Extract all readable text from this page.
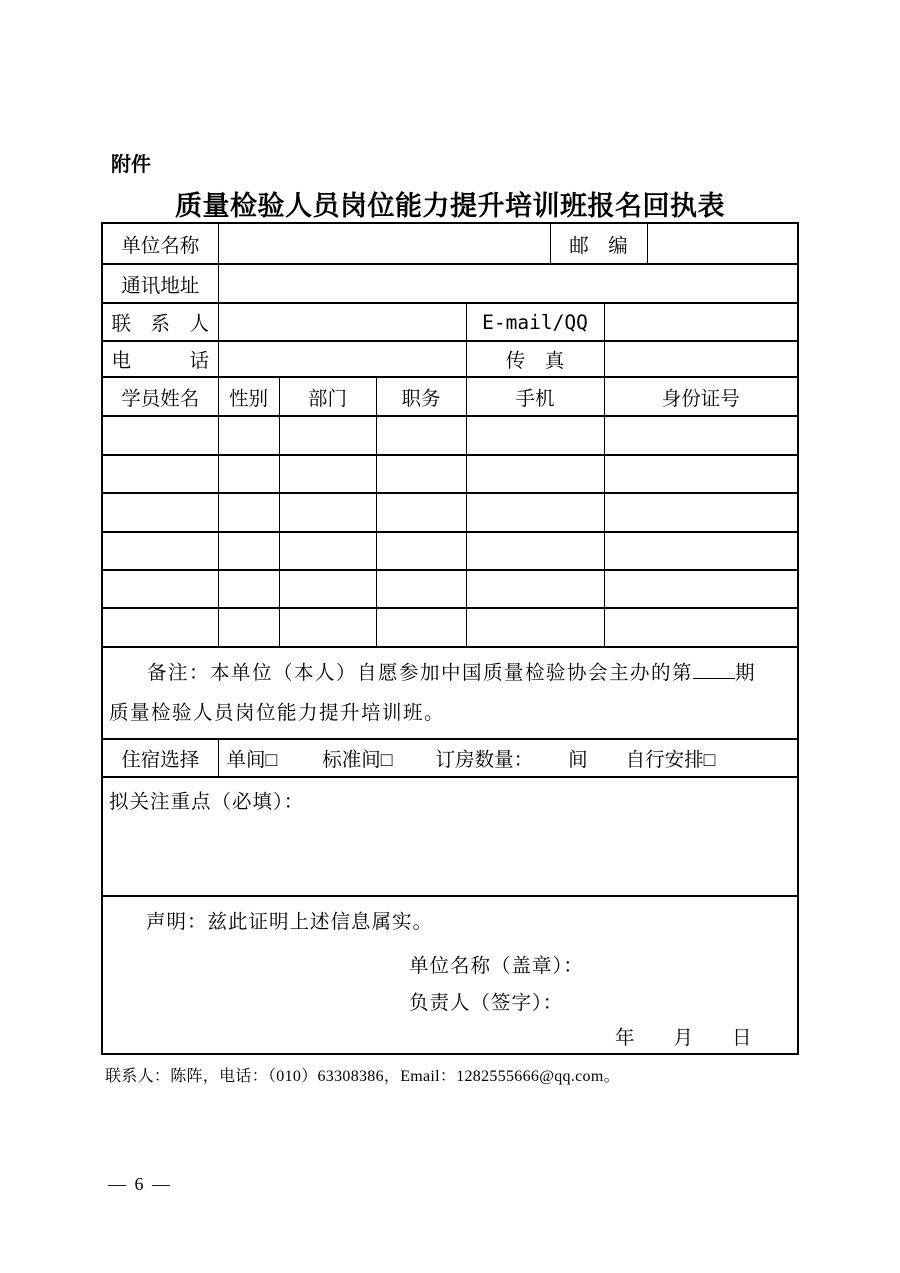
附件
质量检验人员岗位能力提升培训班报名回执表
单位名称					邮　编		
通讯地址							
联　系　人				E-mail/QQ			
电　　　话				传　真			
学员姓名	性别	部门	职务	手机		身份证号	

备注：本单位（本人）自愿参加中国质量检验协会主办的第 期
质量检验人员岗位能力提升培训班。							

住宿选择	单间□ 标准间□ 订房数量： 间 自行安排□						
拟关注重点（必填）：							

声明：兹此证明上述信息属实。
单位名称（盖章）：
负责人（签字）：
年　　月　　日							
联系人：陈阵，电话：（010）63308386，Email：1282555666@qq.com。
— 6 —
